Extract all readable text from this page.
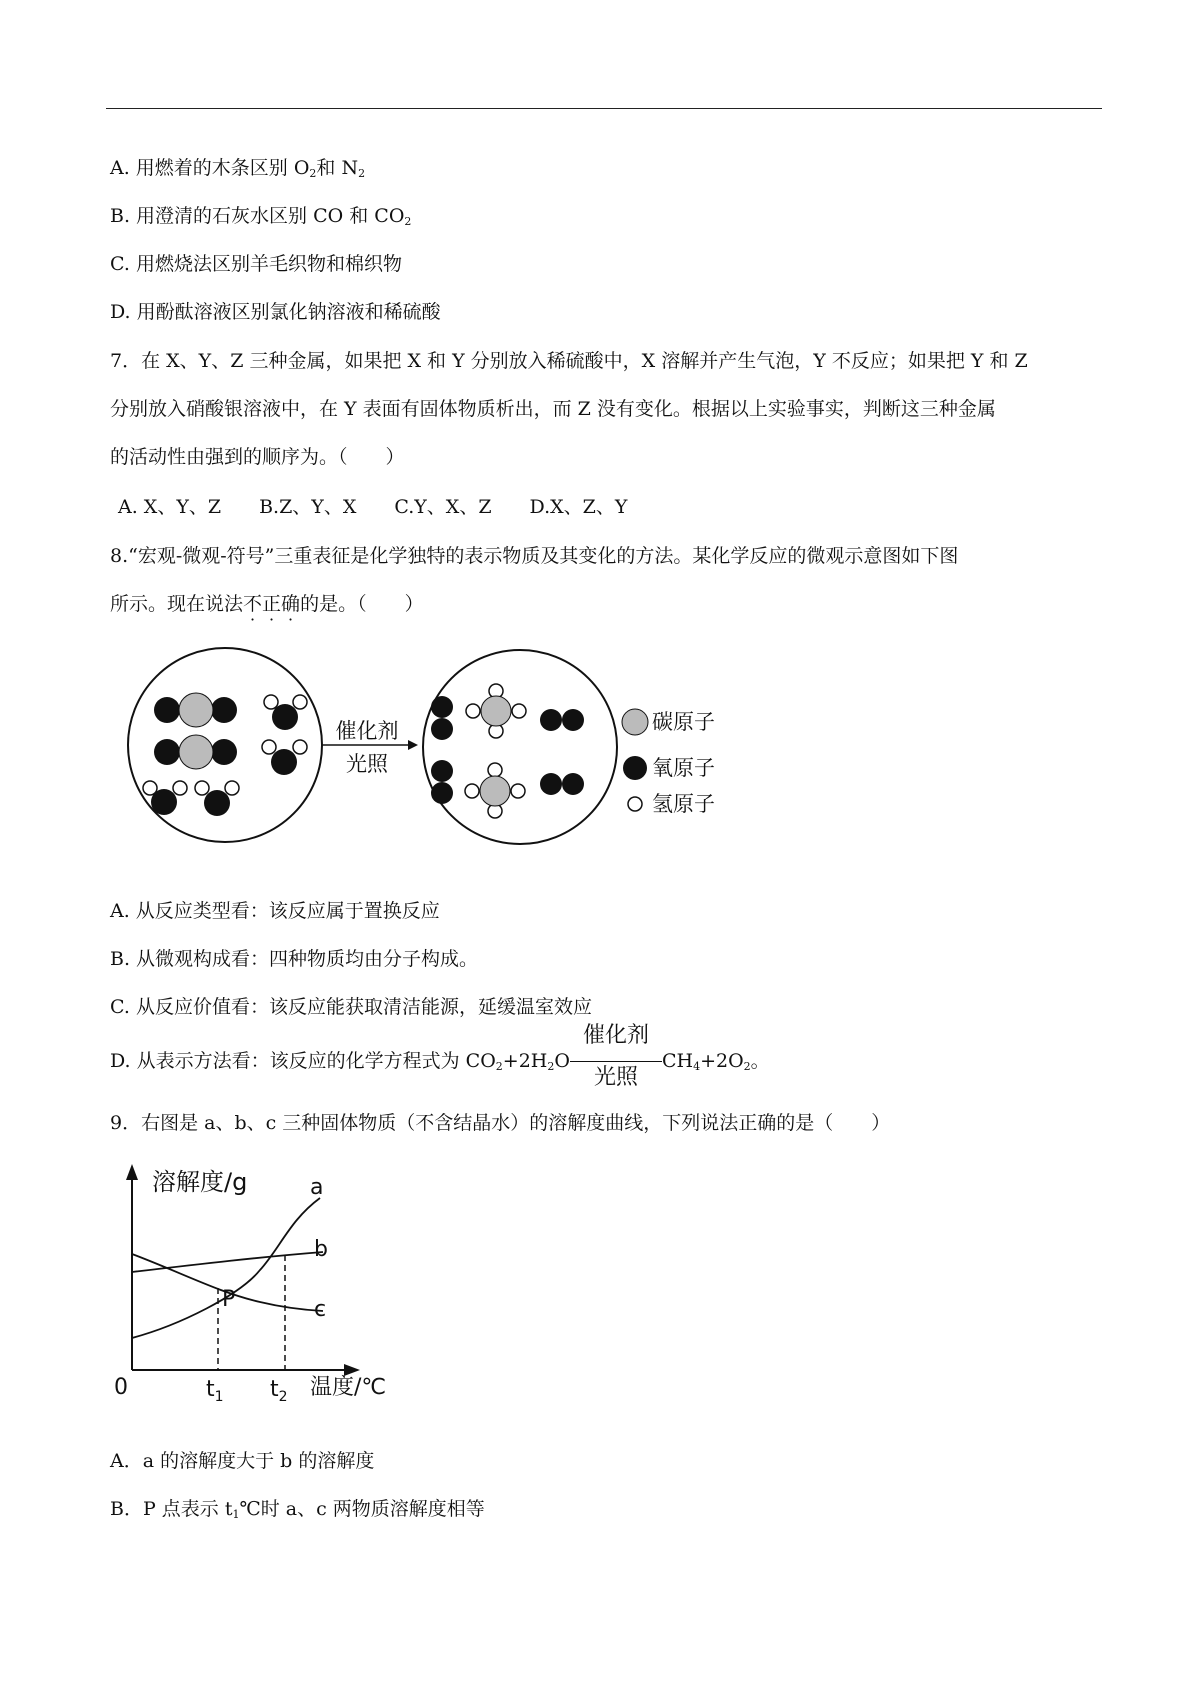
A. 用燃着的木条区别 $O_2$和 $N_2$
B. 用澄清的石灰水区别 CO 和 $CO_2$
C. 用燃烧法区别羊毛织物和棉织物
D. 用酚酞溶液区别氯化钠溶液和稀硫酸
7．在 X、Y、Z 三种金属，如果把 X 和 Y 分别放入稀硫酸中，X 溶解并产生气泡，Y 不反应；如果把 Y 和 Z
分别放入硝酸银溶液中，在 Y 表面有固体物质析出，而 Z 没有变化。根据以上实验事实，判断这三种金属
的活动性由强到的顺序为。（　　）
A. X、Y、Z　　B.Z、Y、X　　C.Y、X、Z　　D.X、Z、Y
8.“宏观-微观-符号”三重表征是化学独特的表示物质及其变化的方法。某化学反应的微观示意图如下图
所示。现在说法不正确的是。（　　）
催化剂
光照
碳原子
氧原子
氢原子
A. 从反应类型看：该反应属于置换反应
B. 从微观构成看：四种物质均由分子构成。
C. 从反应价值看：该反应能获取清洁能源，延缓温室效应
D. 从表示方法看：该反应的化学方程式为 $CO_2+2H_2O$
催化剂
光照
$CH_4+2O_2$。
9．右图是 a、b、c 三种固体物质（不含结晶水）的溶解度曲线，下列说法正确的是（　　）
溶解度/g	a
b
c
P
0	$t_1$ $t_2$ 温度/℃
A．a 的溶解度大于 b 的溶解度
B．P 点表示 $t_1℃$时 a、c 两物质溶解度相等
